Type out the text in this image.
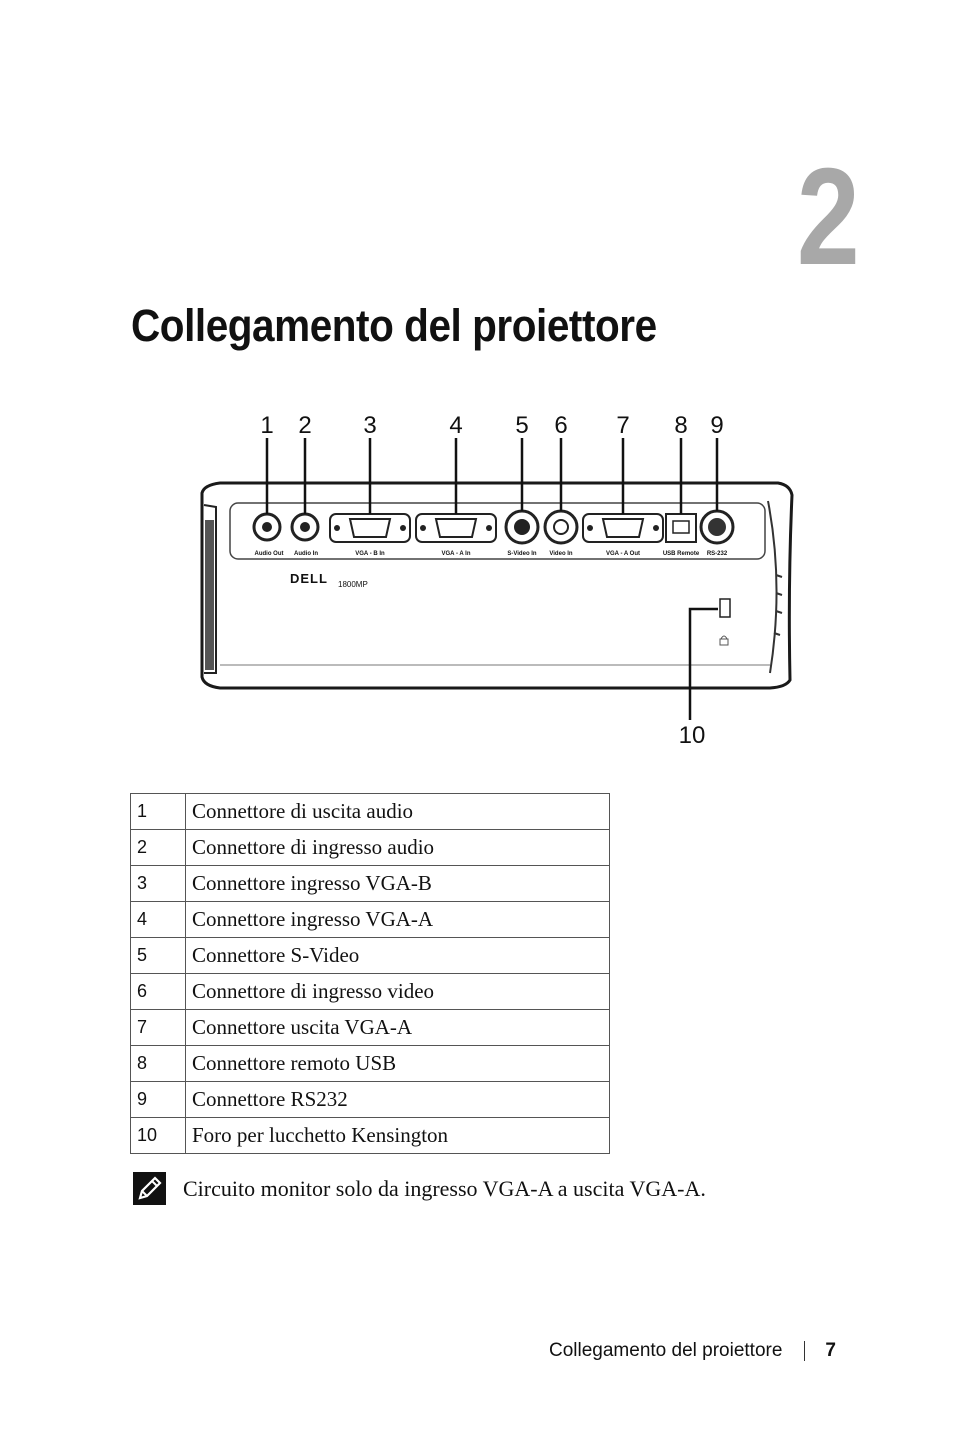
2
Collegamento del proiettore
Audio Out Audio In	VGA - B In	VGA - A In	S-Video In Video In	VGA - A Out	USB Remote RS-232
DELL 1800MP
1 2 3	4 5 6 7 8 9
10
1	Connettore di uscita audio
2	Connettore di ingresso audio
3	Connettore ingresso VGA-B
4	Connettore ingresso VGA-A
5	Connettore S-Video
6	Connettore di ingresso video
7	Connettore uscita VGA-A
8	Connettore remoto USB
9	Connettore RS232
10	Foro per lucchetto Kensington
Circuito monitor solo da ingresso VGA-A a uscita VGA-A.
Collegamento del proiettore 7
